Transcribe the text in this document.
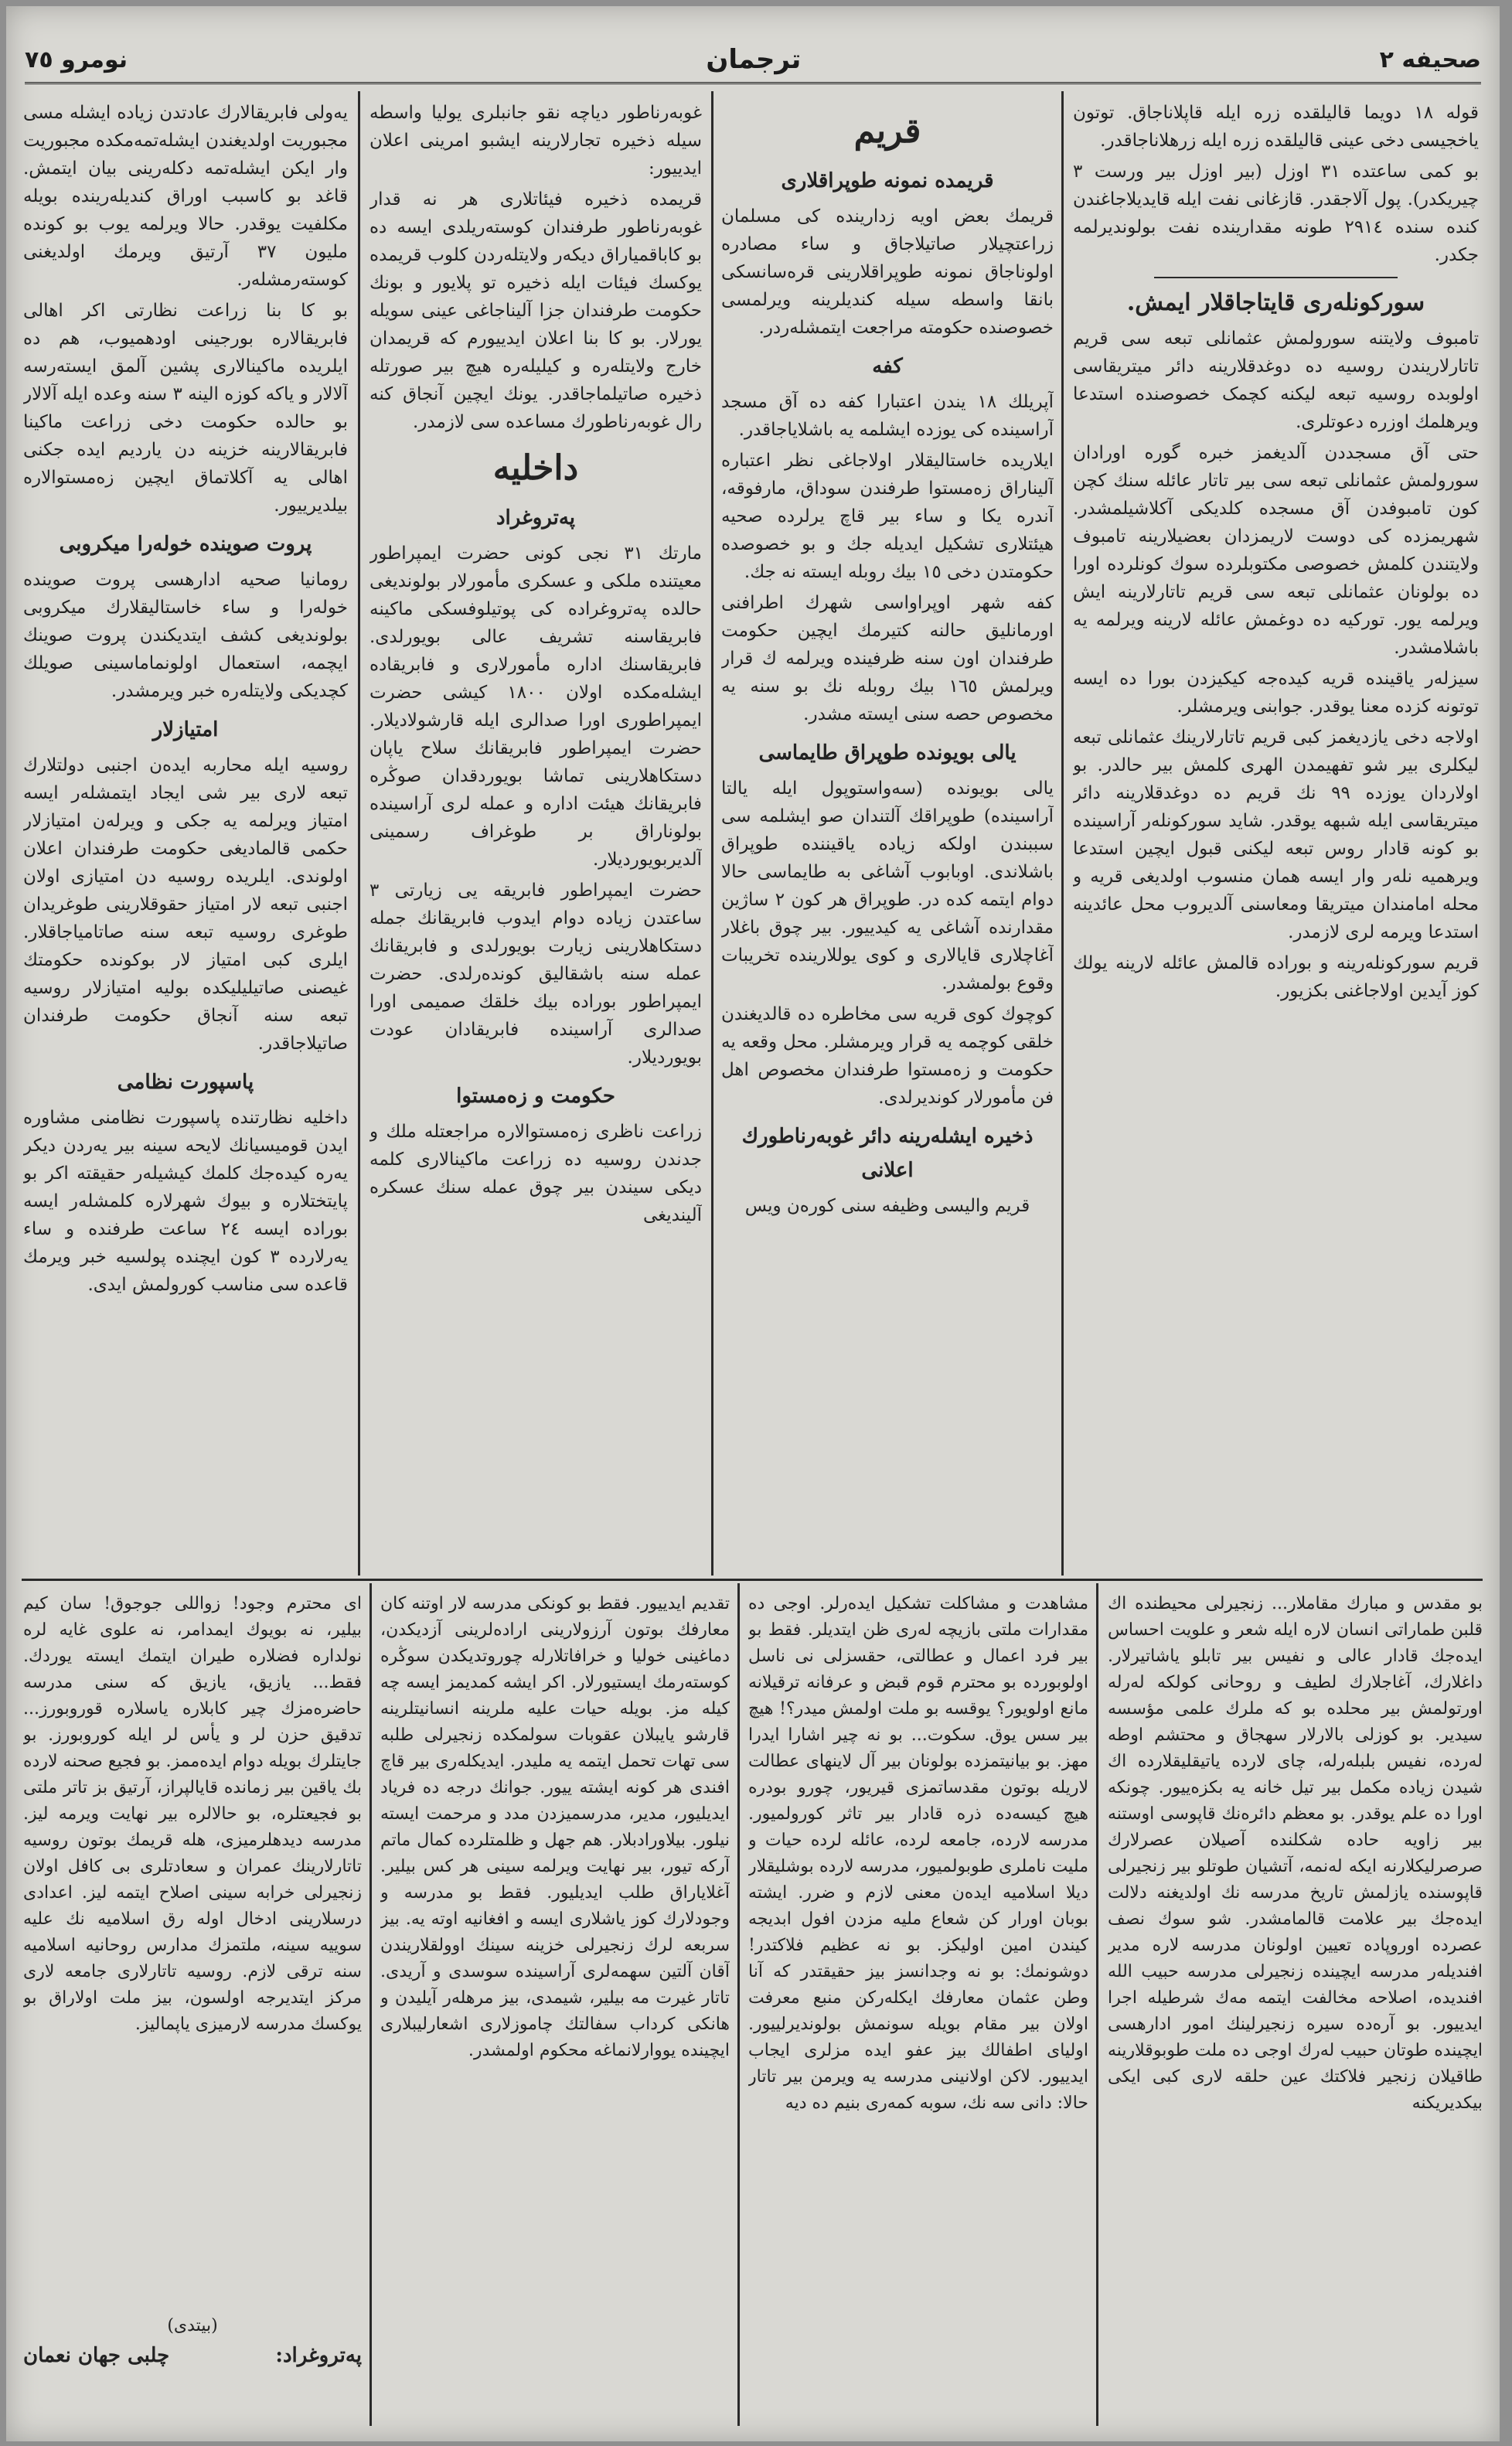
صحيفه ٢
ترجمان
نومرو ٧٥

قوله ١٨ دویما قالیلقده زره ایله قاپلاناجاق. توتون یاخجیسی دخی عینی قالیلقده زره ایله زرهلاناجاقدر.

بو کمی ساعتده ٣١ اوزل (بیر اوزل بیر ورست ٣ چیریکدر). پول آلاجقدر. قازغانی نفت ایله قایدیلاجاغندن کنده سنده ٢٩١٤ طونه مقدارینده نفت بولوندیرلمه جکدر.

سورکونلەری قایتاجاقلار ایمش.

تامبوف ولایتنه سورولمش عثمانلی تبعه سی قریم تاتارلاریندن روسیه ده دوغدقلارینه دائر میتریقاسی اولوبده روسیه تبعه لیکنه کچمک خصوصنده استدعا ویرهلمك اوزره دعوتلری.

حتی آق مسجددن آلدیغمز خبره گوره اورادان سورولمش عثمانلی تبعه سی بیر تاتار عائله سنك کچن کون تامبوفدن آق مسجده کلدیکی آکلاشیلمشدر. شهریمزده کی دوست لاریمزدان بعضیلارینه تامبوف ولایتندن کلمش خصوصی مکتوبلرده سوك کونلرده اورا ده بولونان عثمانلی تبعه سی قریم تاتارلارینه ایش ویرلمه یور. تورکیه ده دوغمش عائله لارینه ویرلمه یه باشلامشدر.

سیزلەر یاقینده قریه کیدەجه کیکیزدن بورا ده ایسه توتونه کزده معنا یوقدر. جوابنی ویرمشلر.

اولاجه دخی یازدیغمز کبی قریم تاتارلارینك عثمانلی تبعه لیکلری بیر شو تفهیمدن الهری کلمش بیر حالدر. بو اولاردان یوزده ٩٩ نك قریم ده دوغدقلارینه دائر میتریقاسی ایله شبهه یوقدر. شاید سورکونلەر آراسینده بو کونه قادار روس تبعه لیکنی قبول ایچین استدعا ویرهمیه نلەر وار ایسه همان منسوب اولدیغی قریه و محله امامندان میتریقا ومعاسنی آلدیروب محل عائدینه استدعا ویرمه لری لازمدر.

قریم سورکونلەرینه و بوراده قالمش عائله لارینه یولك کوز آیدین اولاجاغنی بکزیور.

قریم
قریمده نمونه طوپراقلاری

قریمك بعض اویه زدارینده کی مسلمان زراعتچیلار صاتیلاجاق و ساء مصادره اولوناجاق نمونه طوپراقلارینی قرەسانسکی بانقا واسطه سیله کندیلرینه ویرلمسی خصوصنده حکومته مراجعت ایتمشلەردر.

کفه

آپریلك ١٨ یندن اعتبارا کفه ده آق مسجد آراسینده کی یوزده ایشلمه یه باشلایاجاقدر.

ایلاریده خاستالیقلار اولاجاغی نظر اعتباره آلیناراق زەمستوا طرفندن سوداق، مارفوقه، آندره یکا و ساء بیر قاچ یرلرده صحیه هیئتلاری تشکیل ایدیله جك و بو خصوصده حکومتدن دخی ١٥ بیك روبله ایسته نه جك.

کفه شهر اوپراواسی شهرك اطرافنی اورمانلیق حالنه کتیرمك ایچین حکومت طرفندان اون سنه ظرفینده ویرلمه ك قرار ویرلمش ١٦٥ بیك روبله نك بو سنه یه مخصوص حصه سنی ایسته مشدر.

یالی بویونده طوپراق طایماسی

یالی بویونده (سەواستوپول ایله یالتا آراسینده) طوپراقك آلتندان صو ایشلمه سی سببندن اولکه زیاده یاقیننده طوپراق باشلاندی. اوبابوب آشاغی به طایماسی حالا دوام ایتمه کده در. طوپراق هر کون ٢ ساژین مقدارنده آشاغی یه کیدییور. بیر چوق باغلار آغاچلاری قایالاری و کوی یوللارینده تخریبات وقوع بولمشدر.

کوچوك کوی قریه سی مخاطره ده قالدیغندن خلقی کوچمه یه قرار ویرمشلر. محل وقعه یه حکومت و زەمستوا طرفندان مخصوص اهل فن مأمورلار کوندیرلدی.

ذخیره ایشلەرینه دائر غوبەرناطورك اعلانی

قریم والیسی وظیفه سنی کورەن ویس

غوبەرناطور دیاچه نقو جانبلری یولیا واسطه سیله ذخیره تجارلارینه ایشبو امرینی اعلان ایدییور:

قریمده ذخیره فیئاتلاری هر نه قدار غوبەرناطور طرفندان کوستەریلدی ایسه ده بو کاباقمیاراق دیکەر ولایتلەردن کلوب قریمده یوکسك فیئات ایله ذخیره تو پلایور و بونك حکومت طرفندان جزا آلیناجاغی عینی سویله یورلار. بو کا بنا اعلان ایدییورم که قریمدان خارج ولایتلەره و کیلیلەره هیچ بیر صورتله ذخیره صاتیلماجاقدر. یونك ایچین آنجاق کنه رال غوبەرناطورك مساعده سی لازمدر.

داخلیه
پەتروغراد

مارتك ٣١ نجی کونی حضرت ایمپراطور معیتنده ملکی و عسکری مأمورلار بولوندیغی حالده پەتروغراده کی پوتیلوفسکی ماکینه فابریقاسنه تشریف عالی بویورلدی. فابریقاسنك اداره مأمورلاری و فابریقاده ایشلەمکده اولان ١٨٠٠ کیشی حضرت ایمپراطوری اورا صدالری ایله قارشولادیلار. حضرت ایمپراطور فابریقانك سلاح یاپان دستکاهلارینی تماشا بویوردقدان صوڭره فابریقانك هیئت اداره و عمله لری آراسینده بولوناراق بر طوغراف رسمینی آلدیربویوردیلار.

حضرت ایمپراطور فابریقه یی زیارتی ٣ ساعتدن زیاده دوام ایدوب فابریقانك جمله دستکاهلارینی زیارت بویورلدی و فابریقانك عمله سنه باشقالیق کوندەرلدی. حضرت ایمپراطور بوراده بیك خلقك صمیمی اورا صدالری آراسینده فابریقادان عودت بویوردیلار.

حکومت و زەمستوا

زراعت ناظری زەمستوالاره مراجعتله ملك و جدندن روسیه ده زراعت ماکینالاری کلمه دیکی سیندن بیر چوق عمله سنك عسکره آلیندیغی

یەولی فابریقالارك عادتدن زیاده ایشلە مسی مجبوریت اولدیغندن ایشلەتمەمکده مجبوریت وار ایکن ایشلەتمه دکلەرینی بیان ایتمش. قاغد بو کاسبب اوراق کندیلەرینده بویله مکلفیت یوقدر. حالا ویرلمه یوب بو کونده ملیون ٣٧ آرتیق ویرمك اولدیغنی کوستەرمشلەر.

بو کا بنا زراعت نظارتی اکر اهالی فابریقالاره بورجینی اودهمیوب، هم ده ایلریده ماکینالاری پشین آلمق ایستەرسه آلالار و یاکه کوزه الینه ٣ سنه وعده ایله آلالار بو حالده حکومت دخی زراعت ماکینا فابریقالارینه خزینه دن یاردیم ایده جکنی اهالی یه آکلاتماق ایچین زەمستوالاره بیلدیرییور.

پروت صوینده خولەرا میکروبی

رومانیا صحیه ادارهسی پروت صوینده خولەرا و ساء خاستالیقلارك میکروبی بولوندیغی کشف ایتدیکندن پروت صوینك ایچمه، استعمال اولونماماسینی صویلك کچدیکی ولایتلەره خبر ویرمشدر.

امتیازلار

روسیه ایله محاربه ایدەن اجنبی دولتلارك تبعه لاری بیر شی ایجاد ایتمشلەر ایسه امتیاز ویرلمه یه جکی و ویرلەن امتیازلار حکمی قالمادیغی حکومت طرفندان اعلان اولوندی. ایلریده روسیه دن امتیازی اولان اجنبی تبعه لار امتیاز حقوقلارینی طوغریدان طوغری روسیه تبعه سنه صاتامیاجاقلار. ایلری کبی امتیاز لار بوکونده حکومتك غیصنی صاتیلیلیکده بولیه امتیازلار روسیه تبعه سنه آنجاق حکومت طرفندان صاتیلاجاقدر.

پاسپورت نظامی

داخلیه نظارتنده پاسپورت نظامنی مشاوره ایدن قومیسیانك لایحه سینه بیر یەردن دیکر یەره کیدەجك کلمك کیشیلەر حقیقته اکر بو پایتختلاره و بیوك شهرلاره کلمشلەر ایسه بوراده ایسه ٢٤ ساعت طرفنده و ساء یەرلارده ٣ کون ایچنده پولسیه خبر ویرمك قاعده سی مناسب کورولمش ایدی.

بو مقدس و مبارك مقاملار... زنجیرلی محیطنده اك قلبن طماراتی انسان لاره ایله شعر و علویت احساس ایدەجك قادار عالی و نفیس بیر تابلو یاشاتیرلار. داغلارك، آغاجلارك لطیف و روحانی کولکه لەرلە اورتولمش بیر محلده بو که ملرك علمی مؤسسه سیدیر. بو کوزلی بالارلار سهجاق و محتشم اوطه لەرده، نفیس بلبلەرله، چای لارده یاتیقلیقلارده اك شیدن زیاده مکمل بیر تیل خانه یه بکزەییور. چونکه اورا ده علم یوقدر. بو معظم دائرەنك قاپوسی اوستنه بیر زاویه حاده شکلنده آصیلان عصرلارك صرصرلیکلارنه ایکه لەنمه، آتشیان طوتلو بیر زنجیرلی قاپوسنده یازلمش تاریخ مدرسه نك اولدیغنه دلالت ایدەجك بیر علامت قالمامشدر. شو سوك نصف عصرده اوروپاده تعیین اولونان مدرسه لاره مدیر افندیلەر مدرسه ایچینده زنجیرلی مدرسه حبیب الله افندیده، اصلاحه مخالفت ایتمه مەك شرطیله اجرا ایدییور. بو آرەده سیره زنجیرلینك امور ادارهسی ایچینده طوتان حبیب لەرك اوجی ده ملت طوبوقلارینه طاقیلان زنجیر فلاکتك عین حلقه لاری کبی ایکی بیکدیریکنه

مشاهدت و مشاکلت تشکیل ایدەرلر. اوجی ده مقدارات ملتی بازیچه لەری ظن ایتدیلر. فقط بو بیر فرد اعمال و عطالتی، حقسزلی نی ناسل اولوبوردە بو محترم قوم قبض و عرفانه ترقیلانه مانع اولویور؟ یوقسه بو ملت اولمش میدر؟! هیچ بیر سس یوق. سکوت... بو نه چیر اشارا ایدرا مهز. بو بیانیتمزده بولونان بیر آل لاینهای عطالت لاریله بوتون مقدساتمزی قیریور، چورو بودرە هیچ کیسەده ذرە قادار بیر تاثر کورولمیور. مدرسه لارده، جامعه لرده، عائله لرده حیات و ملیت ناملری طوبولمیور، مدرسه لارده بوشلیقلار دیلا اسلامیه ایدەن معنی لازم و ضرر. ایشته بوبان اورار کن شعاع ملیه مزدن افول ابدیجه کیندن امین اولیکز. بو نه عظیم فلاکتدر! دوشونمك: بو نه وجدانسز بیز حقیقتدر که آنا وطن عثمان معارفك ایکلەرکن منبع معرفت اولان بیر مقام بویله سونمش بولوندیرلییور. اولیای اطفالك بیز عفو ایده مزلری ایجاب ایدییور. لاکن اولانینی مدرسه یه ویرمن بیر تاتار حالا: دانی سه نك، سوبه کمەری بنیم ده دیه

تقدیم ایدییور. فقط بو کونکی مدرسه لار اوتنه کان معارفك بوتون آرزولارینی ارادەلرینی آزدیکدن، دماغینی خولیا و خرافاتلارله چوروتدیکدن سوڭره کوستەرمك ایستیورلار. اکر ایشه کمدیمز ایسه چه کیله مز. بویله حیات علیه ملرینه انسانیتلرینه قارشو یایبلان عقوبات سولمکده زنجیرلی طلبه سی تهات تحمل ایتمه یه ملیدر. ایدیکلەری بیر قاچ افندی هر کونه ایشته ییور. جوانك درجه ده فریاد ایدیلیور، مدیر، مدرسمیزدن مدد و مرحمت ایسته نیلور. بیلاورادبلار. هم جهل و ظلمتلرده کمال ماتم آرکه تیور، بیر نهایت ویرلمه سینی هر کس بیلیر. آغلایاراق طلب ایدیلیور. فقط بو مدرسه و وجودلارك کوز یاشلاری ایسه و افغانیه اوته یه. بیز سربعه لرك زنجیرلی خزینه سینك اوولقلاریندن آقان آلتین سهمەلری آراسینده سوسدی و آریدی. تاتار غیرت مه بیلیر، شیمدی، بیز مرهلەر آیلیدن و هانکی کرداب سفالتك چاموزلاری اشعارلیبلاری ایچینده یووارلانماغه محکوم اولمشدر.

ای محترم وجود! زواللی جوجوق! سان کیم بیلیر، نه بویوك ایمدامر، نه علوی غایه لره نولداره فضلاره طیران ایتمك ایسته یوردك. فقط... یازیق، یازیق که سنی مدرسه حاضرەمزك چیر کابلاره یاسلاره قوروبورز... تدقیق حزن لر و یأس لر ایله کوروبورز. بو جایتلرك بویله دوام ایدەممز. بو فجیع صحنه لارده بك یاقین بیر زمانده قایالپراز، آرتیق بز تاتر ملتی بو فجیعتلره، بو حالالره بیر نهایت ویرمه لیز. مدرسه دیدهلرمیزی، هله قریمك بوتون روسیه تاتارلارینك عمران و سعادتلری بی کافل اولان زنجیرلی خرابه سینی اصلاح ایتمه لیز. اعدادی درسلارینی ادخال اوله رق اسلامیه نك علیه سوییه سینه، ملتمزك مدارس روحانیه اسلامیه سنه ترقی لازم. روسیه تاتارلاری جامعه لاری مرکز ایتدیرجه اولسون، بیز ملت اولاراق بو یوکسك مدرسه لارمیزی یاپمالیز.

(بیتدی)

پەتروغراد:
چلبی جهان نعمان
